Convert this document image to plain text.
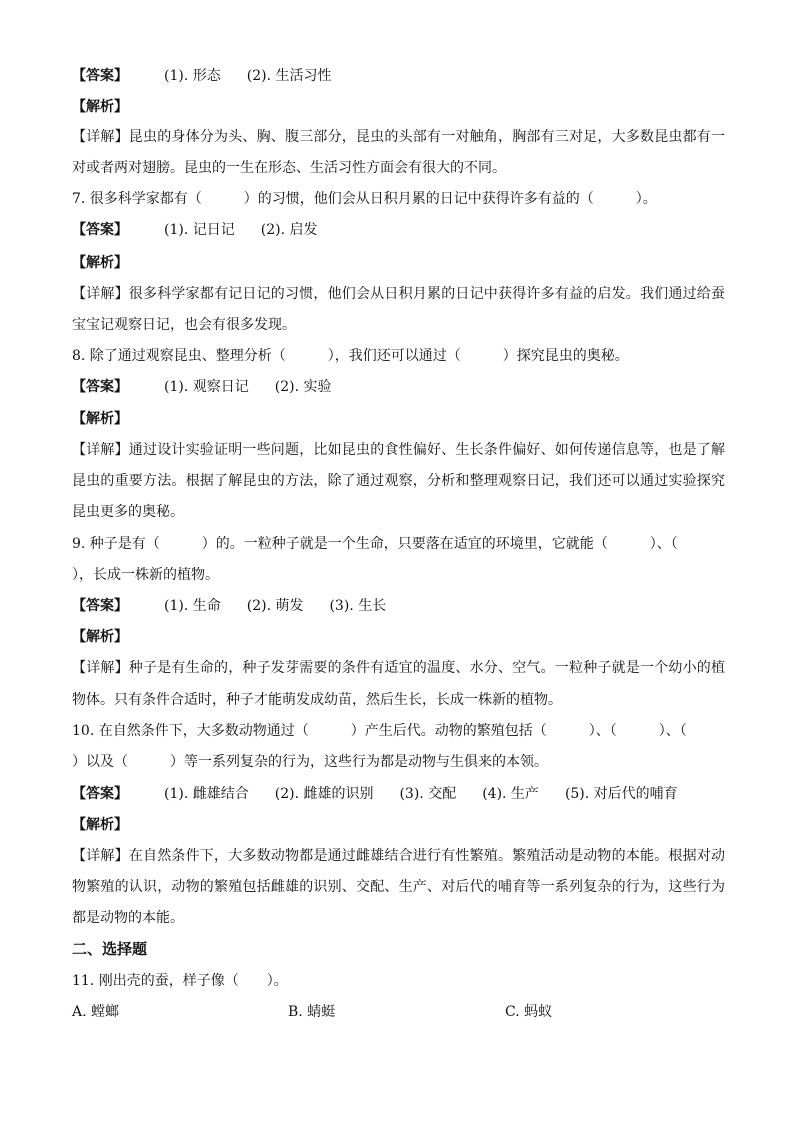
【答案】	(1). 形态 (2). 生活习性
【解析】
【详解】昆虫的身体分为头、胸、腹三部分，昆虫的头部有一对触角，胸部有三对足，大多数昆虫都有一
对或者两对翅膀。昆虫的一生在形态、生活习性方面会有很大的不同。
7. 很多科学家都有（　　　）的习惯，他们会从日积月累的日记中获得许多有益的（　　　）。
【答案】	(1). 记日记 (2). 启发
【解析】
【详解】很多科学家都有记日记的习惯，他们会从日积月累的日记中获得许多有益的启发。我们通过给蚕
宝宝记观察日记，也会有很多发现。
8. 除了通过观察昆虫、整理分析（　　　），我们还可以通过（　　　）探究昆虫的奥秘。
【答案】	(1). 观察日记 (2). 实验
【解析】
【详解】通过设计实验证明一些问题，比如昆虫的食性偏好、生长条件偏好、如何传递信息等，也是了解
昆虫的重要方法。根据了解昆虫的方法，除了通过观察，分析和整理观察日记，我们还可以通过实验探究
昆虫更多的奥秘。
9. 种子是有（　　　）的。一粒种子就是一个生命，只要落在适宜的环境里，它就能（　　　）、（
），长成一株新的植物。
【答案】	(1). 生命 (2). 萌发 (3). 生长
【解析】
【详解】种子是有生命的，种子发芽需要的条件有适宜的温度、水分、空气。一粒种子就是一个幼小的植
物体。只有条件合适时，种子才能萌发成幼苗，然后生长，长成一株新的植物。
10. 在自然条件下，大多数动物通过（　　　）产生后代。动物的繁殖包括（　　　）、（　　　）、（
）以及（　　　）等一系列复杂的行为，这些行为都是动物与生俱来的本领。
【答案】	(1). 雌雄结合 (2). 雌雄的识别 (3). 交配 (4). 生产 (5). 对后代的哺育
【解析】
【详解】在自然条件下，大多数动物都是通过雌雄结合进行有性繁殖。繁殖活动是动物的本能。根据对动
物繁殖的认识，动物的繁殖包括雌雄的识别、交配、生产、对后代的哺育等一系列复杂的行为，这些行为
都是动物的本能。
二、选择题
11. 刚出壳的蚕，样子像（　　）。
A. 螳螂	B. 蜻蜓	C. 蚂蚁
